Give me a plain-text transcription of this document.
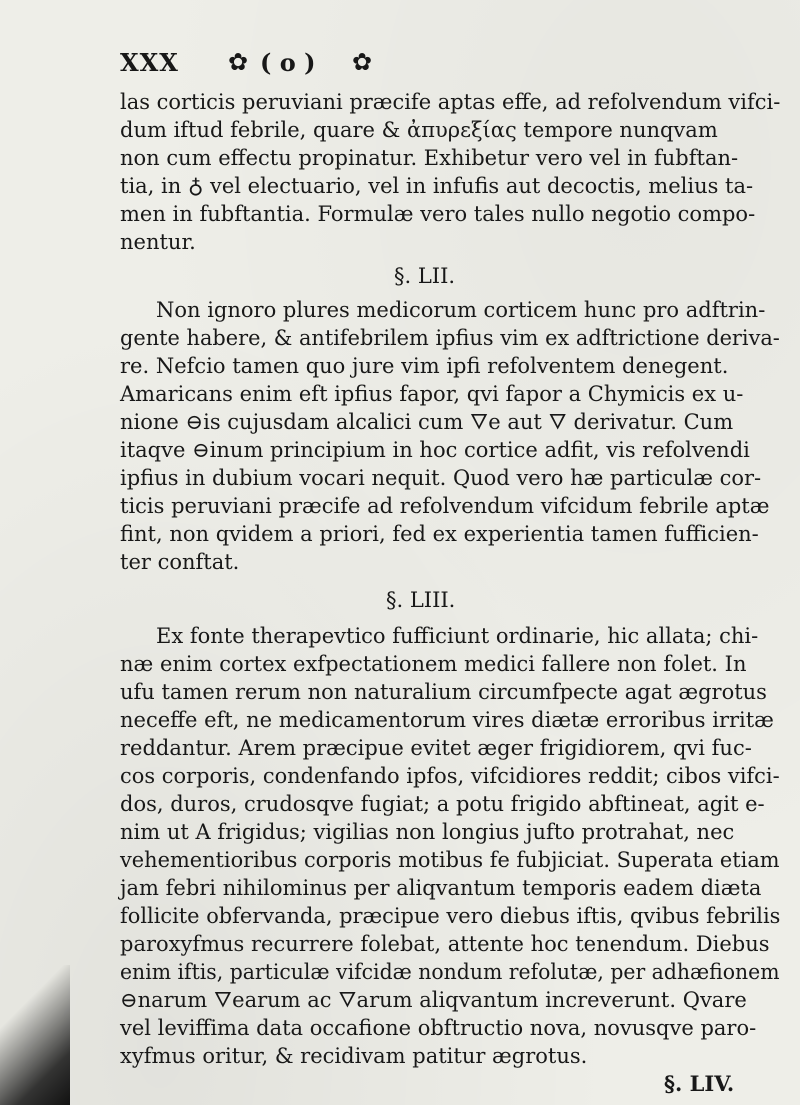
XXX ✿ ( o ) ✿
las corticis peruviani præcife aptas effe, ad refolvendum vifci-
dum iftud febrile, quare & ἀπυρεξίας tempore nunqvam
non cum effectu propinatur. Exhibetur vero vel in fubftan-
tia, in ♁ vel electuario, vel in infufis aut decoctis, melius ta-
men in fubftantia. Formulæ vero tales nullo negotio compo-
nentur.
§. LII.
Non ignoro plures medicorum corticem hunc pro adftrin-
gente habere, & antifebrilem ipfius vim ex adftrictione deriva-
re. Nefcio tamen quo jure vim ipfi refolventem denegent.
Amaricans enim eft ipfius fapor, qvi fapor a Chymicis ex u-
nione ⊖is cujusdam alcalici cum 🜄e aut 🜄 derivatur. Cum
itaqve ⊖inum principium in hoc cortice adfit, vis refolvendi
ipfius in dubium vocari nequit. Quod vero hæ particulæ cor-
ticis peruviani præcife ad refolvendum vifcidum febrile aptæ
fint, non qvidem a priori, fed ex experientia tamen fufficien-
ter conftat.
§. LIII.
Ex fonte therapevtico fufficiunt ordinarie, hic allata; chi-
næ enim cortex exfpectationem medici fallere non folet. In
ufu tamen rerum non naturalium circumfpecte agat ægrotus
neceffe eft, ne medicamentorum vires diætæ erroribus irritæ
reddantur. Arem præcipue evitet æger frigidiorem, qvi fuc-
cos corporis, condenfando ipfos, vifcidiores reddit; cibos vifci-
dos, duros, crudosqve fugiat; a potu frigido abftineat, agit e-
nim ut A frigidus; vigilias non longius jufto protrahat, nec
vehementioribus corporis motibus fe fubjiciat. Superata etiam
jam febri nihilominus per aliqvantum temporis eadem diæta
follicite obfervanda, præcipue vero diebus iftis, qvibus febrilis
paroxyfmus recurrere folebat, attente hoc tenendum. Diebus
enim iftis, particulæ vifcidæ nondum refolutæ, per adhæfionem
⊖narum 🜄earum ac 🜄arum aliqvantum increverunt. Qvare
vel leviffima data occafione obftructio nova, novusqve paro-
xyfmus oritur, & recidivam patitur ægrotus.
§. LIV.
